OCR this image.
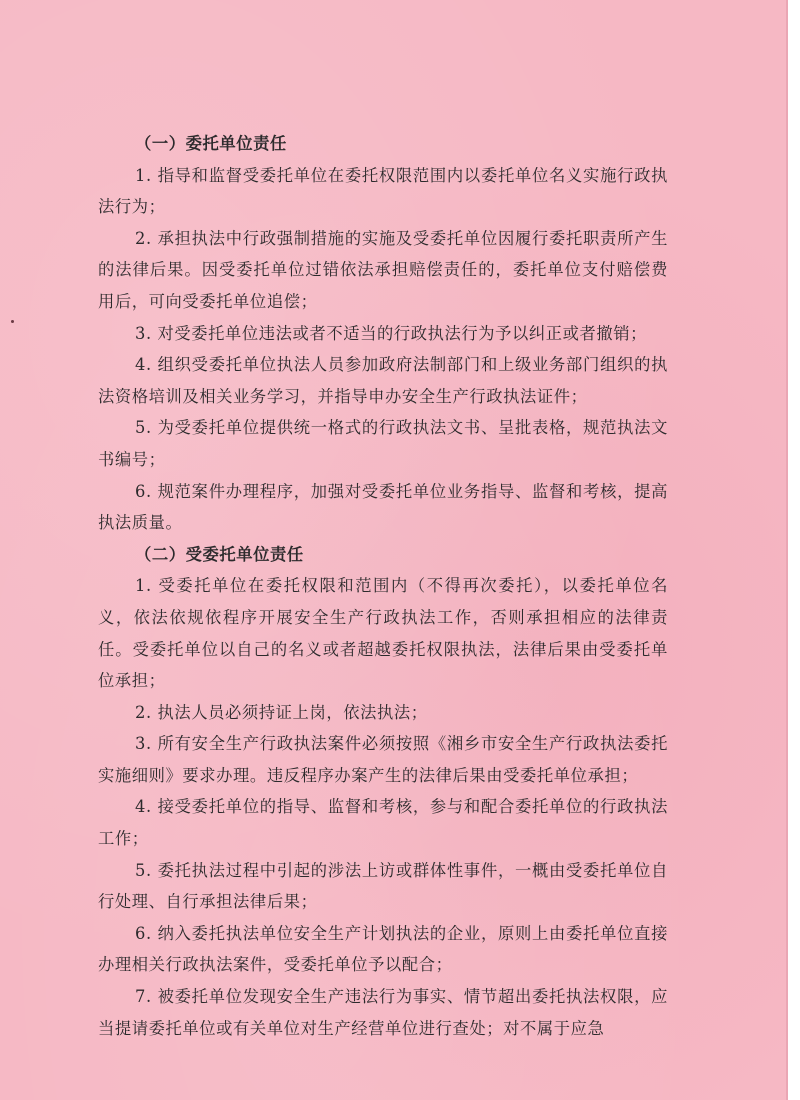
（一）委托单位责任

1. 指导和监督受委托单位在委托权限范围内以委托单位名义实施行政执法行为；

2. 承担执法中行政强制措施的实施及受委托单位因履行委托职责所产生的法律后果。因受委托单位过错依法承担赔偿责任的，委托单位支付赔偿费用后，可向受委托单位追偿；

3. 对受委托单位违法或者不适当的行政执法行为予以纠正或者撤销；

4. 组织受委托单位执法人员参加政府法制部门和上级业务部门组织的执法资格培训及相关业务学习，并指导申办安全生产行政执法证件；

5. 为受委托单位提供统一格式的行政执法文书、呈批表格，规范执法文书编号；

6. 规范案件办理程序，加强对受委托单位业务指导、监督和考核，提高执法质量。

（二）受委托单位责任

1. 受委托单位在委托权限和范围内（不得再次委托），以委托单位名义，依法依规依程序开展安全生产行政执法工作，否则承担相应的法律责任。受委托单位以自己的名义或者超越委托权限执法，法律后果由受委托单位承担；

2. 执法人员必须持证上岗，依法执法；

3. 所有安全生产行政执法案件必须按照《湘乡市安全生产行政执法委托实施细则》要求办理。违反程序办案产生的法律后果由受委托单位承担；

4. 接受委托单位的指导、监督和考核，参与和配合委托单位的行政执法工作；

5. 委托执法过程中引起的涉法上访或群体性事件，一概由受委托单位自行处理、自行承担法律后果；

6. 纳入委托执法单位安全生产计划执法的企业，原则上由委托单位直接办理相关行政执法案件，受委托单位予以配合；

7. 被委托单位发现安全生产违法行为事实、情节超出委托执法权限，应当提请委托单位或有关单位对生产经营单位进行查处；对不属于应急
